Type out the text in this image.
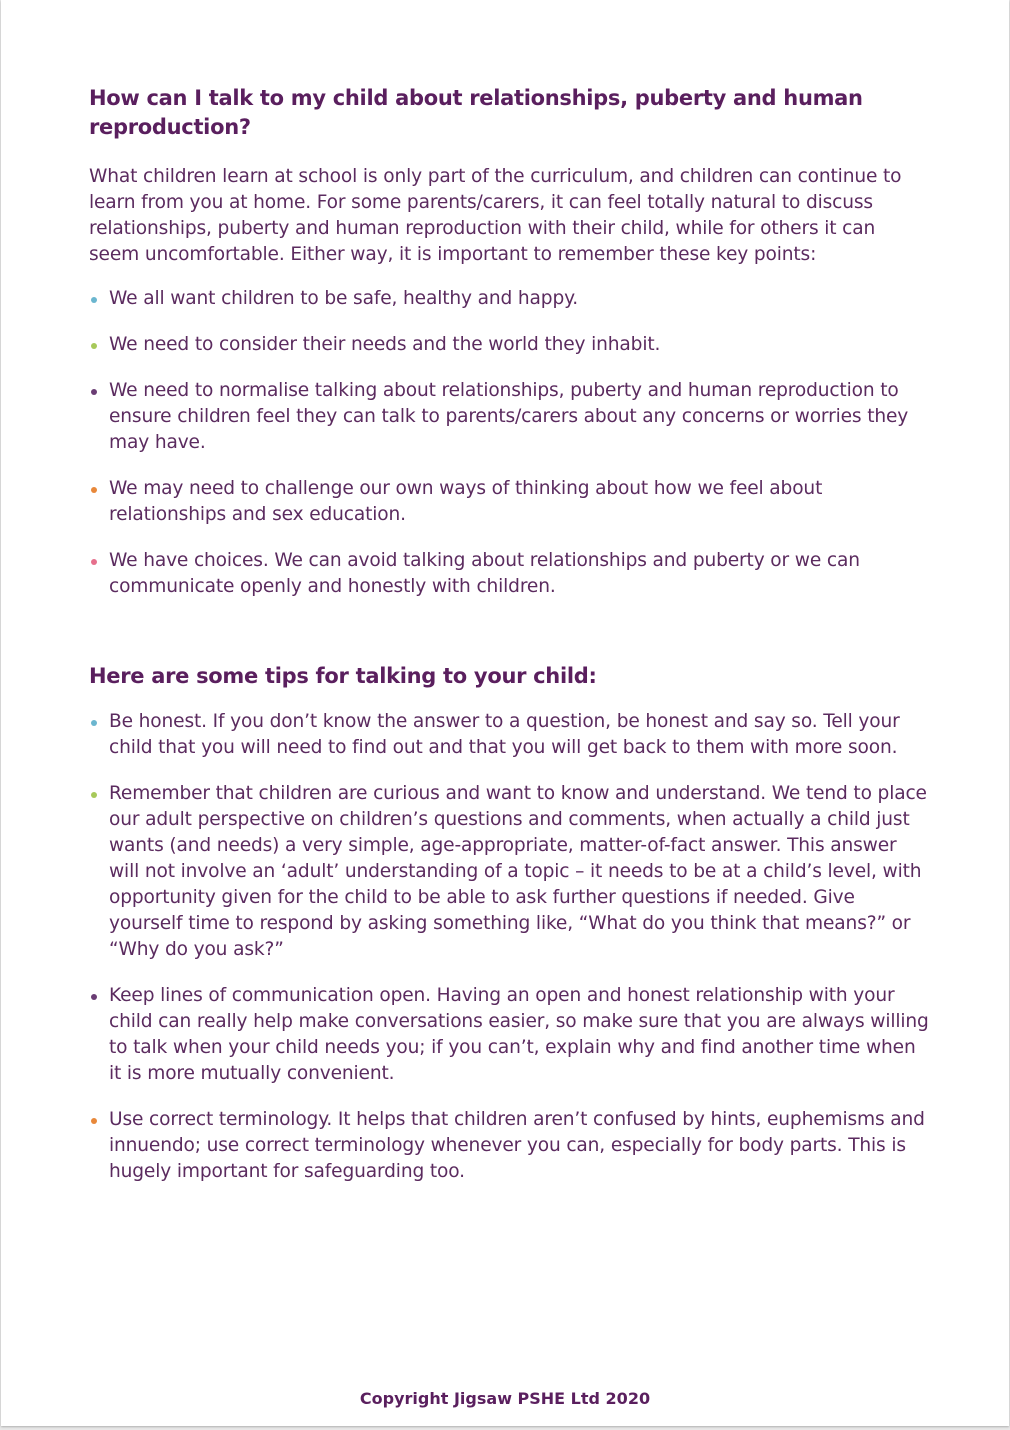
How can I talk to my child about relationships, puberty and human reproduction?

What children learn at school is only part of the curriculum, and children can continue to learn from you at home. For some parents/carers, it can feel totally natural to discuss relationships, puberty and human reproduction with their child, while for others it can seem uncomfortable. Either way, it is important to remember these key points:

We all want children to be safe, healthy and happy.
We need to consider their needs and the world they inhabit.
We need to normalise talking about relationships, puberty and human reproduction to ensure children feel they can talk to parents/carers about any concerns or worries they may have.
We may need to challenge our own ways of thinking about how we feel about relationships and sex education.
We have choices. We can avoid talking about relationships and puberty or we can communicate openly and honestly with children.
Here are some tips for talking to your child:
Be honest. If you don’t know the answer to a question, be honest and say so. Tell your child that you will need to find out and that you will get back to them with more soon.
Remember that children are curious and want to know and understand. We tend to place our adult perspective on children’s questions and comments, when actually a child just wants (and needs) a very simple, age-appropriate, matter-of-fact answer. This answer will not involve an ‘adult’ understanding of a topic – it needs to be at a child’s level, with opportunity given for the child to be able to ask further questions if needed. Give yourself time to respond by asking something like, “What do you think that means?” or “Why do you ask?”
Keep lines of communication open. Having an open and honest relationship with your child can really help make conversations easier, so make sure that you are always willing to talk when your child needs you; if you can’t, explain why and find another time when it is more mutually convenient.
Use correct terminology. It helps that children aren’t confused by hints, euphemisms and innuendo; use correct terminology whenever you can, especially for body parts. This is hugely important for safeguarding too.
Copyright Jigsaw PSHE Ltd 2020
